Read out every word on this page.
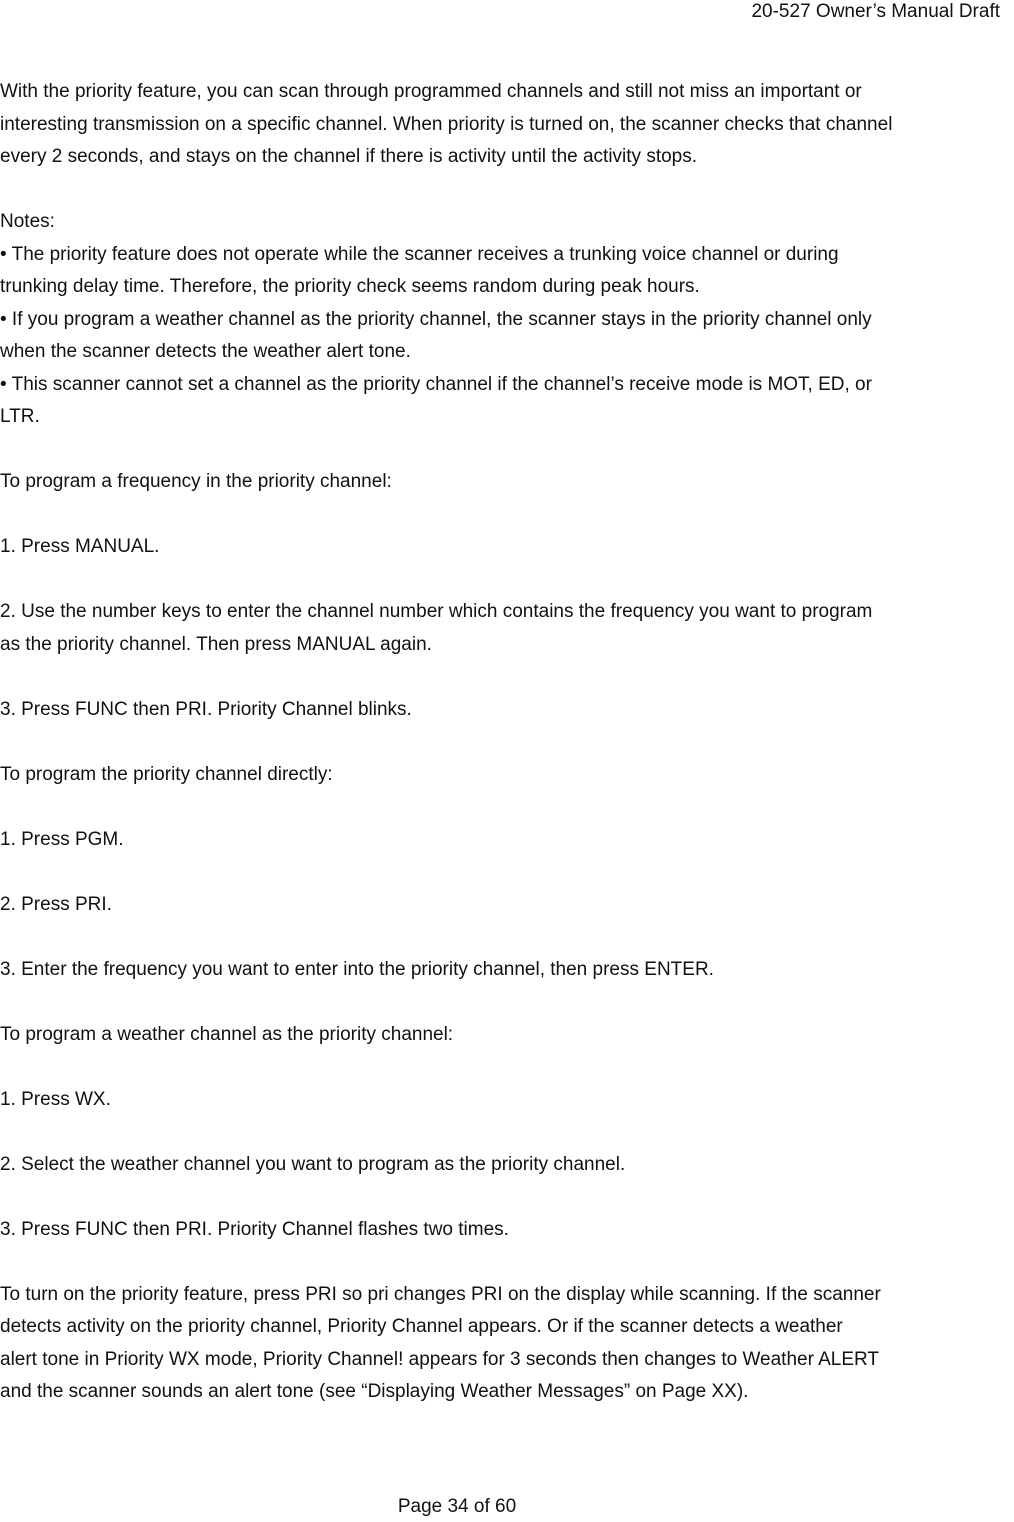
20-527 Owner’s Manual Draft

With the priority feature, you can scan through programmed channels and still not miss an important or

interesting transmission on a specific channel. When priority is turned on, the scanner checks that channel

every 2 seconds, and stays on the channel if there is activity until the activity stops.

Notes:

• The priority feature does not operate while the scanner receives a trunking voice channel or during

trunking delay time. Therefore, the priority check seems random during peak hours.

• If you program a weather channel as the priority channel, the scanner stays in the priority channel only

when the scanner detects the weather alert tone.

• This scanner cannot set a channel as the priority channel if the channel’s receive mode is MOT, ED, or

LTR.

To program a frequency in the priority channel:

1. Press MANUAL.

2. Use the number keys to enter the channel number which contains the frequency you want to program

as the priority channel. Then press MANUAL again.

3. Press FUNC then PRI. Priority Channel blinks.

To program the priority channel directly:

1. Press PGM.

2. Press PRI.

3. Enter the frequency you want to enter into the priority channel, then press ENTER.

To program a weather channel as the priority channel:

1. Press WX.

2. Select the weather channel you want to program as the priority channel.

3. Press FUNC then PRI. Priority Channel flashes two times.

To turn on the priority feature, press PRI so pri changes PRI on the display while scanning. If the scanner

detects activity on the priority channel, Priority Channel appears. Or if the scanner detects a weather

alert tone in Priority WX mode, Priority Channel! appears for 3 seconds then changes to Weather ALERT

and the scanner sounds an alert tone (see “Displaying Weather Messages” on Page XX).

Page 34 of 60
